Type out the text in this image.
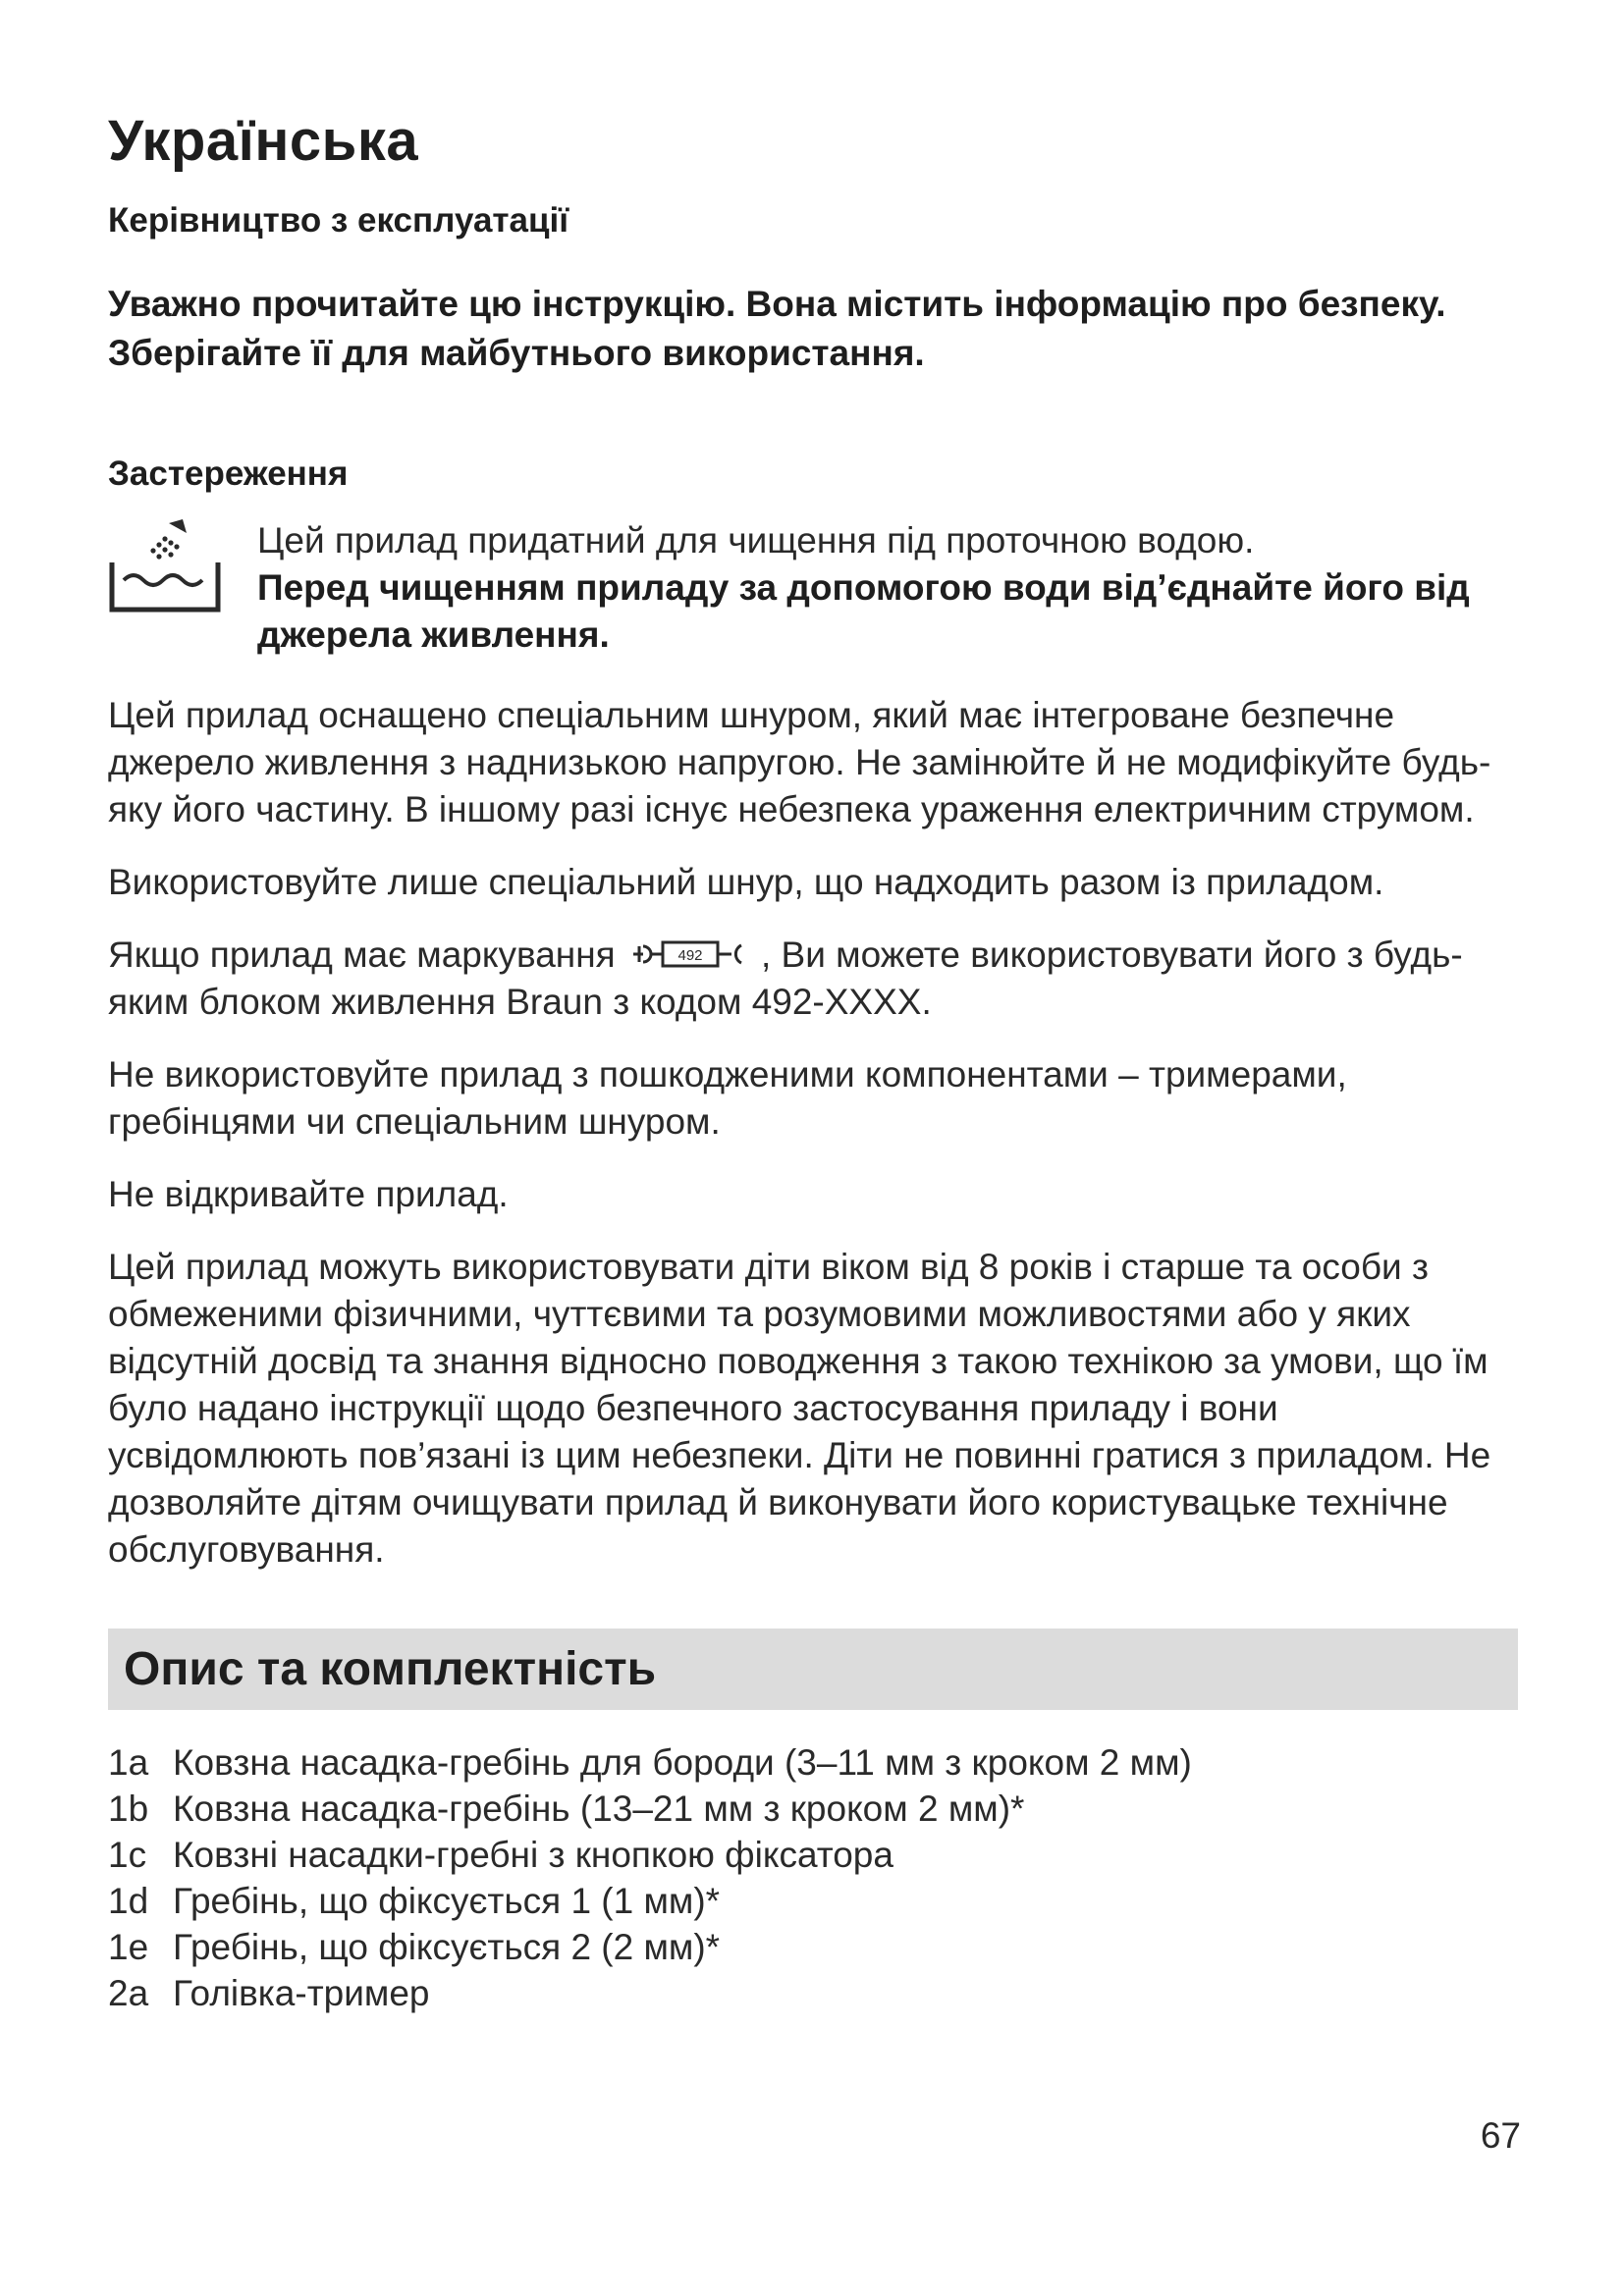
Українська
Керівництво з експлуатації
Уважно прочитайте цю інструкцію. Вона містить інформацію про безпеку. Зберігайте її для майбутнього використання.
Застереження
Цей прилад придатний для чищення під проточною водою.
Перед чищенням приладу за допомогою води від’єднайте його від джерела живлення.

Цей прилад оснащено спеціальним шнуром, який має інтегроване безпечне джерело живлення з наднизькою напругою. Не замінюйте й не модифікуйте будь-яку його частину. В іншому разі існує небезпека ураження електричним струмом.

Використовуйте лише спеціальний шнур, що надходить разом із приладом.

Якщо прилад має маркування	492 , Ви можете використовувати його з будь-яким блоком живлення Braun з кодом 492-XXXX.

Не використовуйте прилад з пошкодженими компонентами – тримерами, гребінцями чи спеціальним шнуром.

Не відкривайте прилад.

Цей прилад можуть використовувати діти віком від 8 років і старше та особи з обмеженими фізичними, чуттєвими та розумовими можливостями або у яких відсутній досвід та знання відносно поводження з такою технікою за умови, що їм було надано інструкції щодо безпечного застосування приладу і вони усвідомлюють пов’язані із цим небезпеки. Діти не повинні гратися з приладом. Не дозволяйте дітям очищувати прилад й виконувати його користувацьке технічне обслуговування.

Опис та комплектність
1a Ковзна насадка-гребінь для бороди (3–11 мм з кроком 2 мм)
1b Ковзна насадка-гребінь (13–21 мм з кроком 2 мм)*
1c Ковзні насадки-гребні з кнопкою фіксатора
1d Гребінь, що фіксується 1 (1 мм)*
1e Гребінь, що фіксується 2 (2 мм)*
2a Голівка-тример
67
